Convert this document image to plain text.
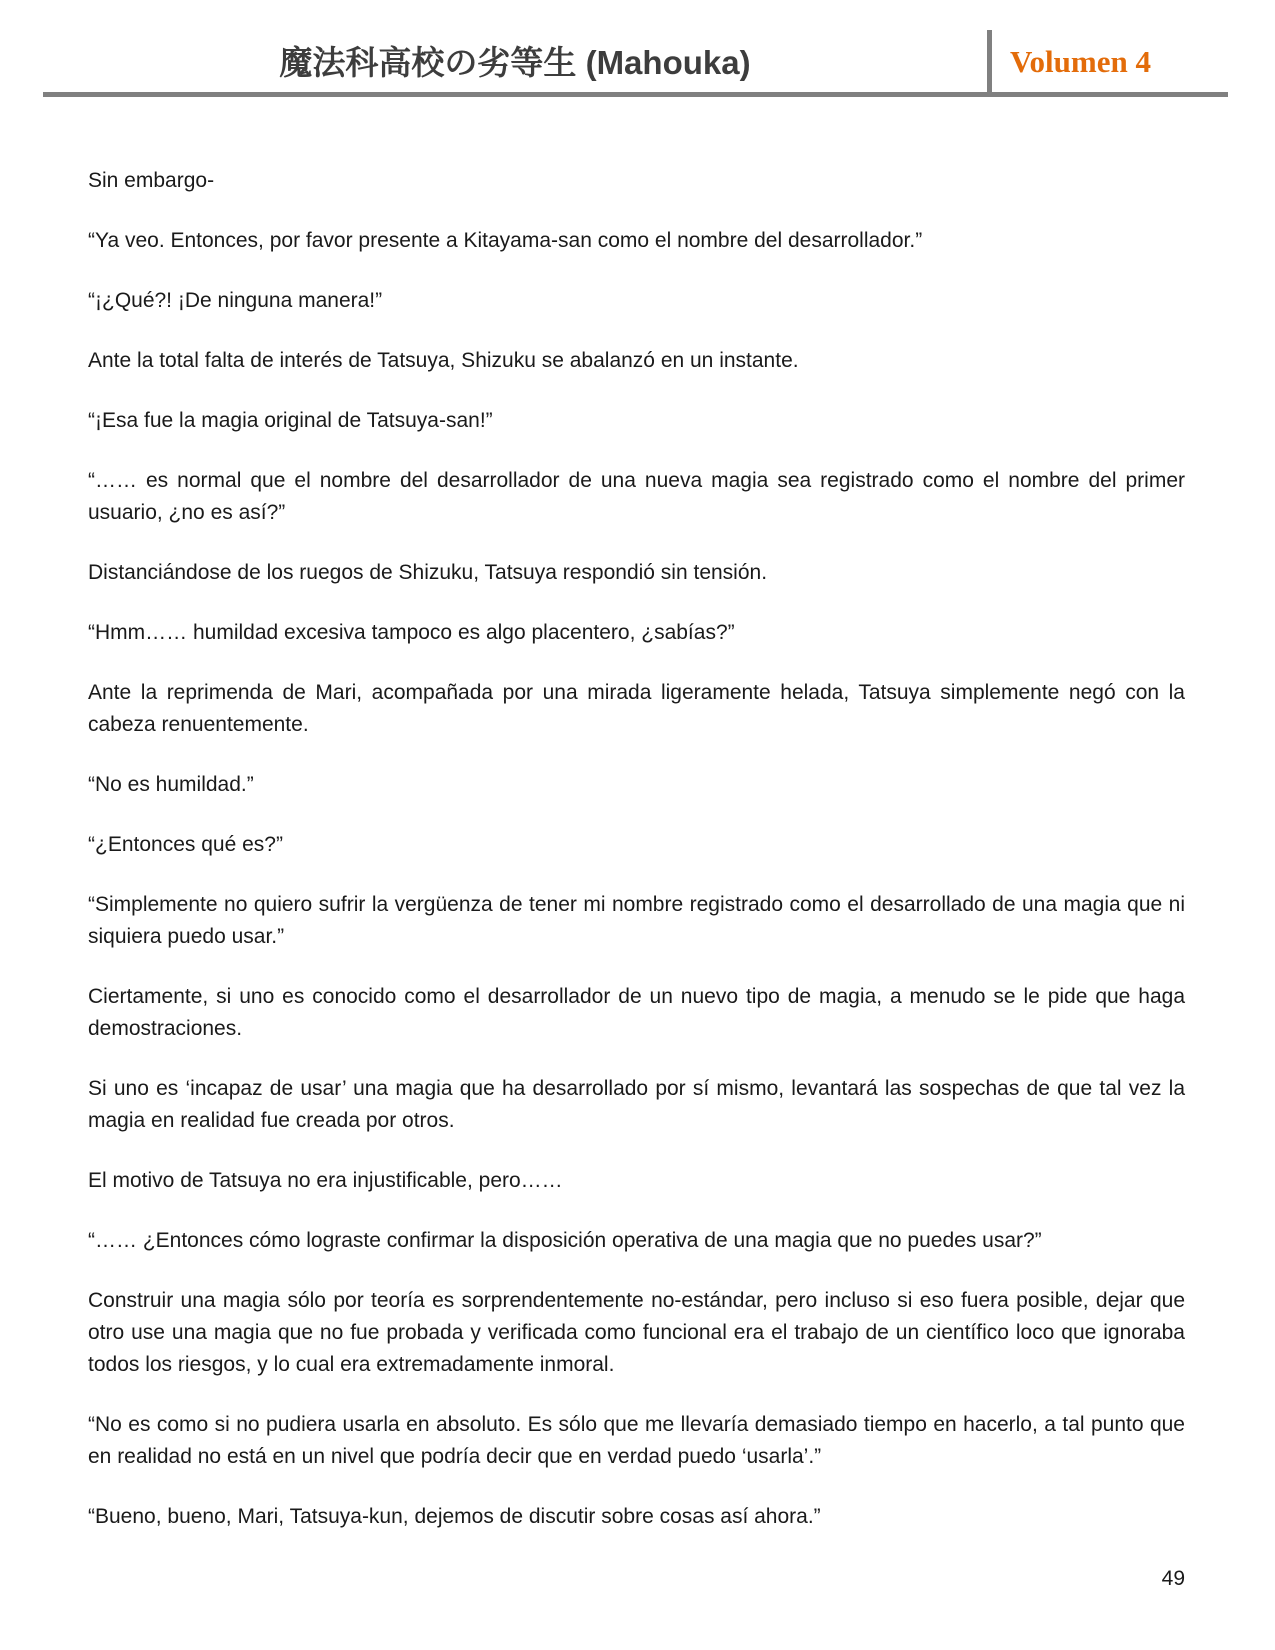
魔法科高校の劣等生 (Mahouka)	Volumen 4

Sin embargo-

“Ya veo. Entonces, por favor presente a Kitayama-san como el nombre del desarrollador.”

“¡¿Qué?! ¡De ninguna manera!”

Ante la total falta de interés de Tatsuya, Shizuku se abalanzó en un instante.

“¡Esa fue la magia original de Tatsuya-san!”

“…… es normal que el nombre del desarrollador de una nueva magia sea registrado como el nombre del primer usuario, ¿no es así?”

Distanciándose de los ruegos de Shizuku, Tatsuya respondió sin tensión.

“Hmm…… humildad excesiva tampoco es algo placentero, ¿sabías?”

Ante la reprimenda de Mari, acompañada por una mirada ligeramente helada, Tatsuya simplemente negó con la cabeza renuentemente.

“No es humildad.”

“¿Entonces qué es?”

“Simplemente no quiero sufrir la vergüenza de tener mi nombre registrado como el desarrollado de una magia que ni siquiera puedo usar.”

Ciertamente, si uno es conocido como el desarrollador de un nuevo tipo de magia, a menudo se le pide que haga demostraciones.

Si uno es ‘incapaz de usar’ una magia que ha desarrollado por sí mismo, levantará las sospechas de que tal vez la magia en realidad fue creada por otros.

El motivo de Tatsuya no era injustificable, pero……

“…… ¿Entonces cómo lograste confirmar la disposición operativa de una magia que no puedes usar?”

Construir una magia sólo por teoría es sorprendentemente no-estándar, pero incluso si eso fuera posible, dejar que otro use una magia que no fue probada y verificada como funcional era el trabajo de un científico loco que ignoraba todos los riesgos, y lo cual era extremadamente inmoral.

“No es como si no pudiera usarla en absoluto. Es sólo que me llevaría demasiado tiempo en hacerlo, a tal punto que en realidad no está en un nivel que podría decir que en verdad puedo ‘usarla’.”

“Bueno, bueno, Mari, Tatsuya-kun, dejemos de discutir sobre cosas así ahora.”

49
